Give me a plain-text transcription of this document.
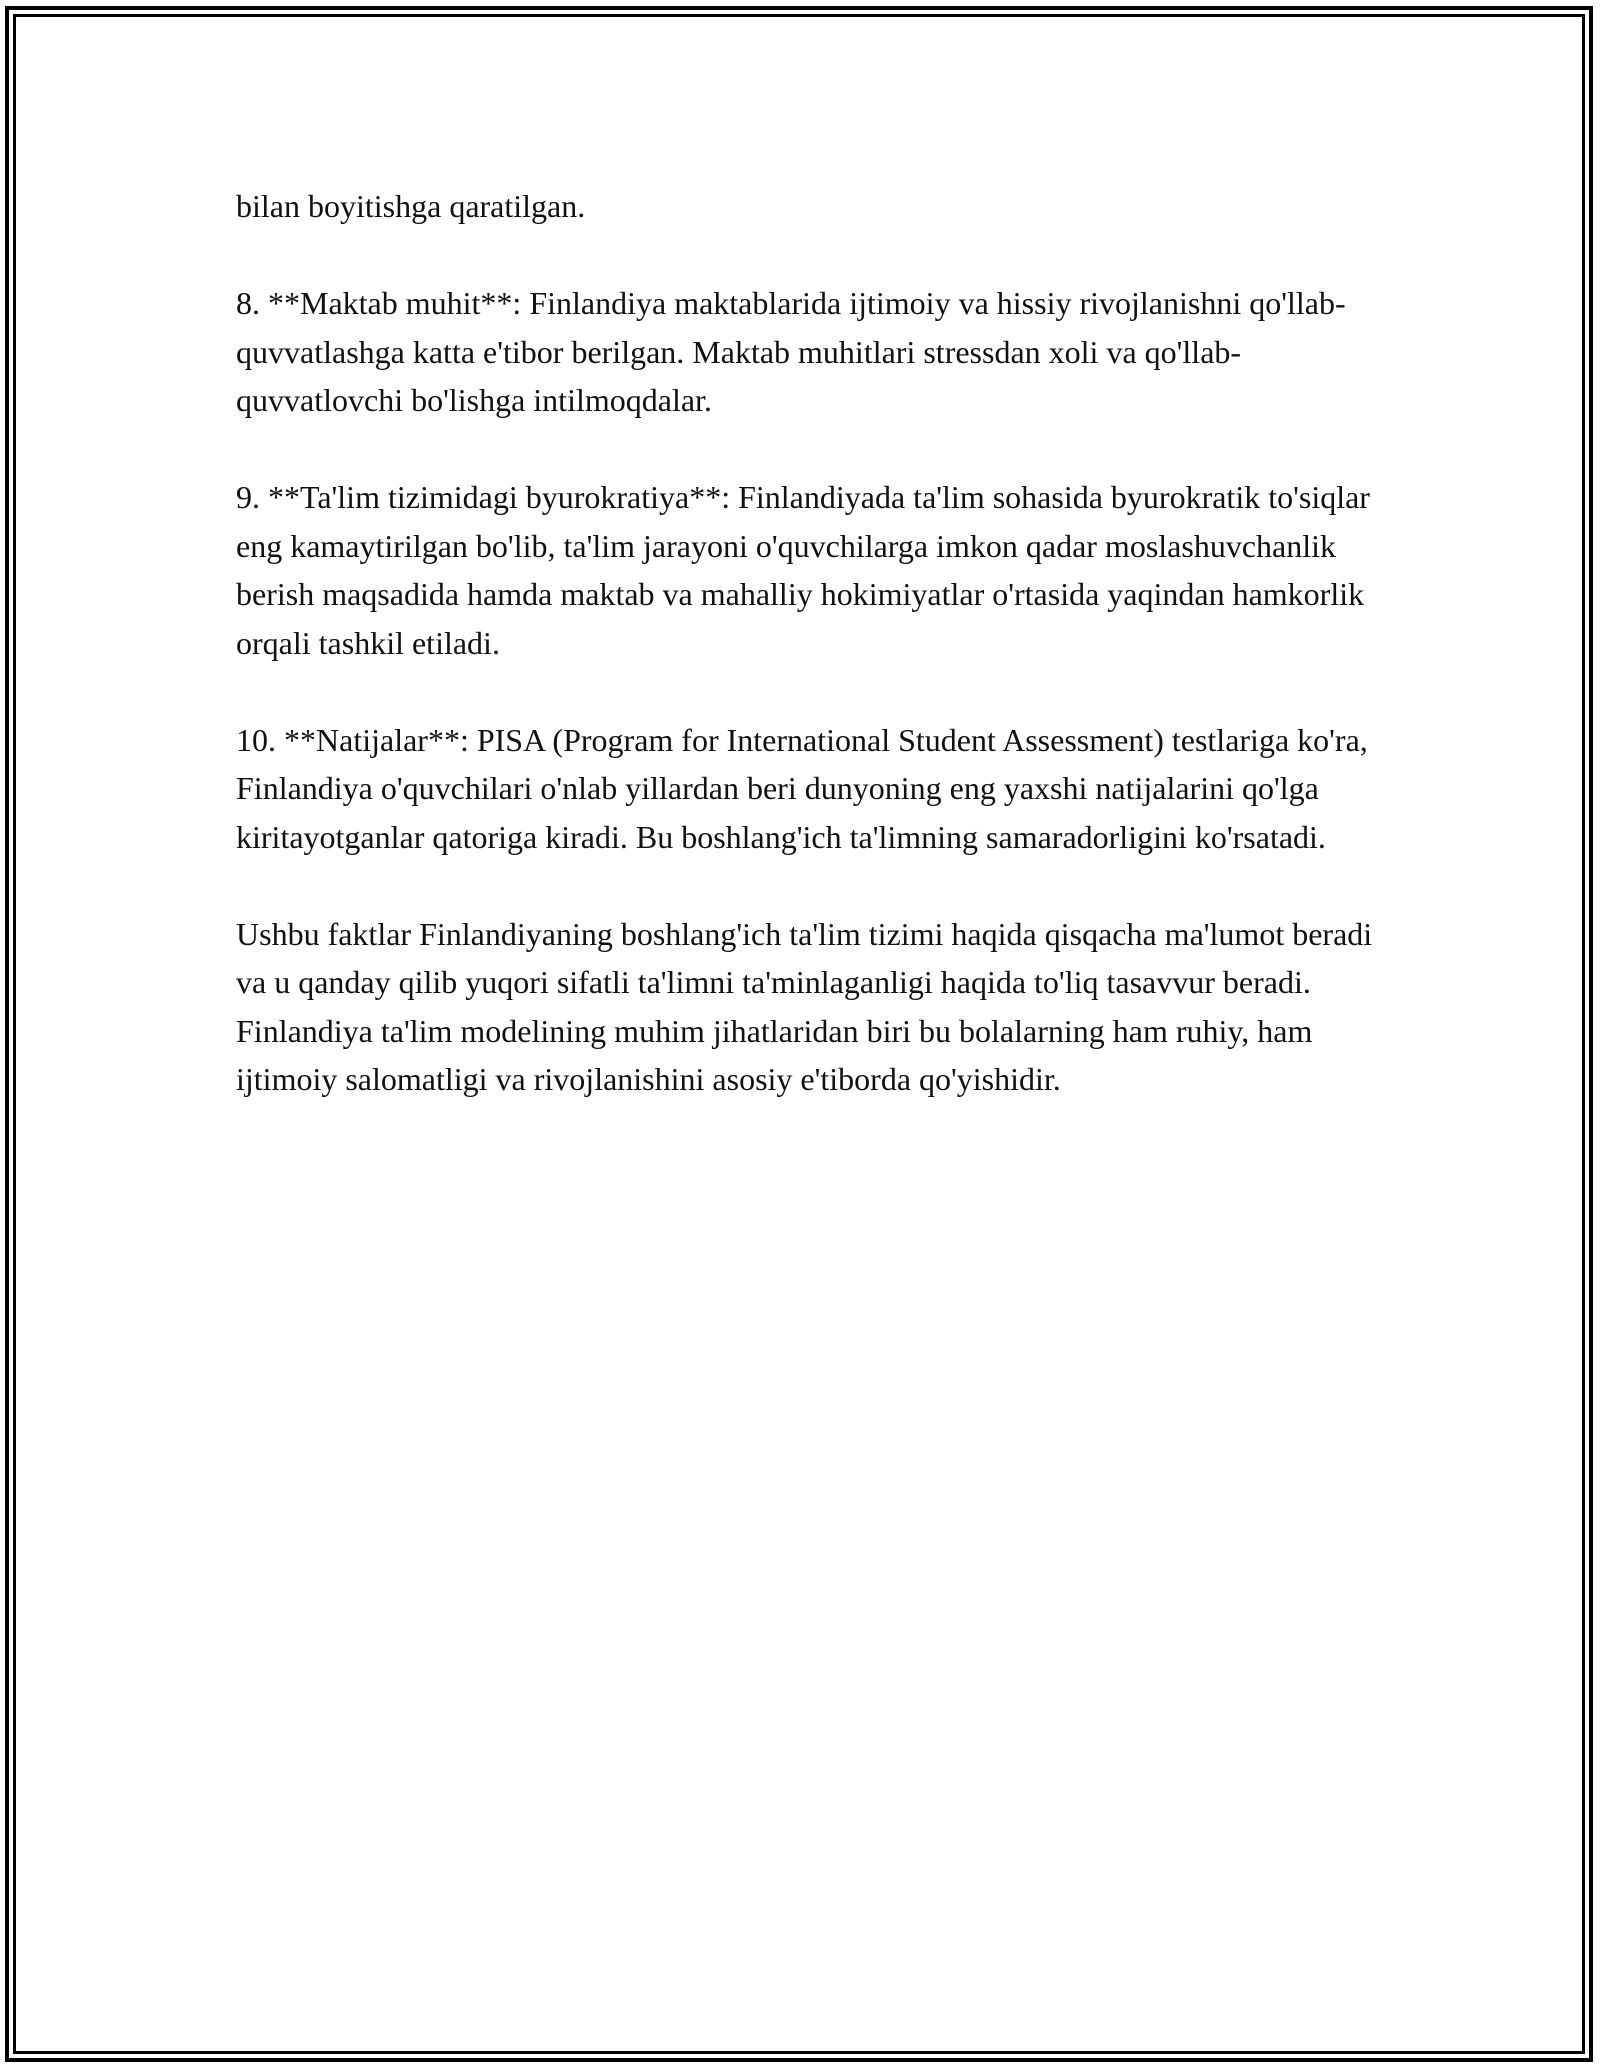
bilan boyitishga qaratilgan.

8. **Maktab muhit**: Finlandiya maktablarida ijtimoiy va hissiy rivojlanishni qo'llab-quvvatlashga katta e'tibor berilgan. Maktab muhitlari stressdan xoli va qo'llab-quvvatlovchi bo'lishga intilmoqdalar.

9. **Ta'lim tizimidagi byurokratiya**: Finlandiyada ta'lim sohasida byurokratik to'siqlar eng kamaytirilgan bo'lib, ta'lim jarayoni o'quvchilarga imkon qadar moslashuvchanlik berish maqsadida hamda maktab va mahalliy hokimiyatlar o'rtasida yaqindan hamkorlik orqali tashkil etiladi.

10. **Natijalar**: PISA (Program for International Student Assessment) testlariga ko'ra, Finlandiya o'quvchilari o'nlab yillardan beri dunyoning eng yaxshi natijalarini qo'lga kiritayotganlar qatoriga kiradi. Bu boshlang'ich ta'limning samaradorligini ko'rsatadi.

Ushbu faktlar Finlandiyaning boshlang'ich ta'lim tizimi haqida qisqacha ma'lumot beradi va u qanday qilib yuqori sifatli ta'limni ta'minlaganligi haqida to'liq tasavvur beradi. Finlandiya ta'lim modelining muhim jihatlaridan biri bu bolalarning ham ruhiy, ham ijtimoiy salomatligi va rivojlanishini asosiy e'tiborda qo'yishidir.
